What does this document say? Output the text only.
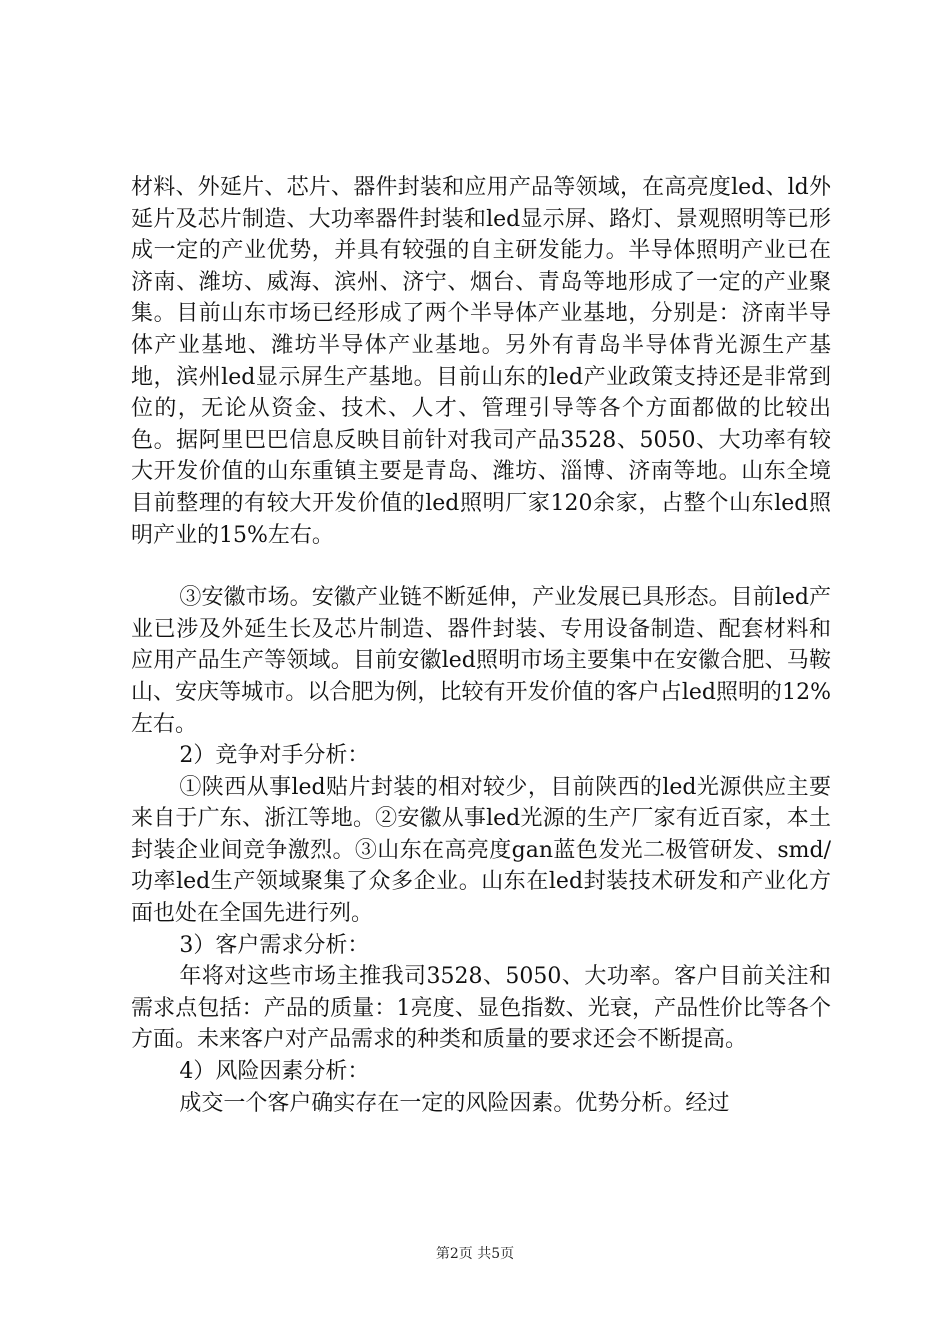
材料、外延片、芯片、器件封装和应用产品等领域，在高亮度led、ld外延片及芯片制造、大功率器件封装和led显示屏、路灯、景观照明等已形成一定的产业优势，并具有较强的自主研发能力。半导体照明产业已在济南、潍坊、威海、滨州、济宁、烟台、青岛等地形成了一定的产业聚集。目前山东市场已经形成了两个半导体产业基地，分别是：济南半导体产业基地、潍坊半导体产业基地。另外有青岛半导体背光源生产基地，滨州led显示屏生产基地。目前山东的led产业政策支持还是非常到位的，无论从资金、技术、人才、管理引导等各个方面都做的比较出色。据阿里巴巴信息反映目前针对我司产品3528、5050、大功率有较大开发价值的山东重镇主要是青岛、潍坊、淄博、济南等地。山东全境目前整理的有较大开发价值的led照明厂家120余家，占整个山东led照明产业的15%左右。

③安徽市场。安徽产业链不断延伸，产业发展已具形态。目前led产业已涉及外延生长及芯片制造、器件封装、专用设备制造、配套材料和应用产品生产等领域。目前安徽led照明市场主要集中在安徽合肥、马鞍山、安庆等城市。以合肥为例，比较有开发价值的客户占led照明的12%左右。

2）竞争对手分析：

①陕西从事led贴片封装的相对较少，目前陕西的led光源供应主要来自于广东、浙江等地。②安徽从事led光源的生产厂家有近百家，本土封装企业间竞争激烈。③山东在高亮度gan蓝色发光二极管研发、smd/功率led生产领域聚集了众多企业。山东在led封装技术研发和产业化方面也处在全国先进行列。

3）客户需求分析：

年将对这些市场主推我司3528、5050、大功率。客户目前关注和需求点包括：产品的质量：1亮度、显色指数、光衰，产品性价比等各个方面。未来客户对产品需求的种类和质量的要求还会不断提高。

4）风险因素分析：

成交一个客户确实存在一定的风险因素。优势分析。经过

第2页 共5页
